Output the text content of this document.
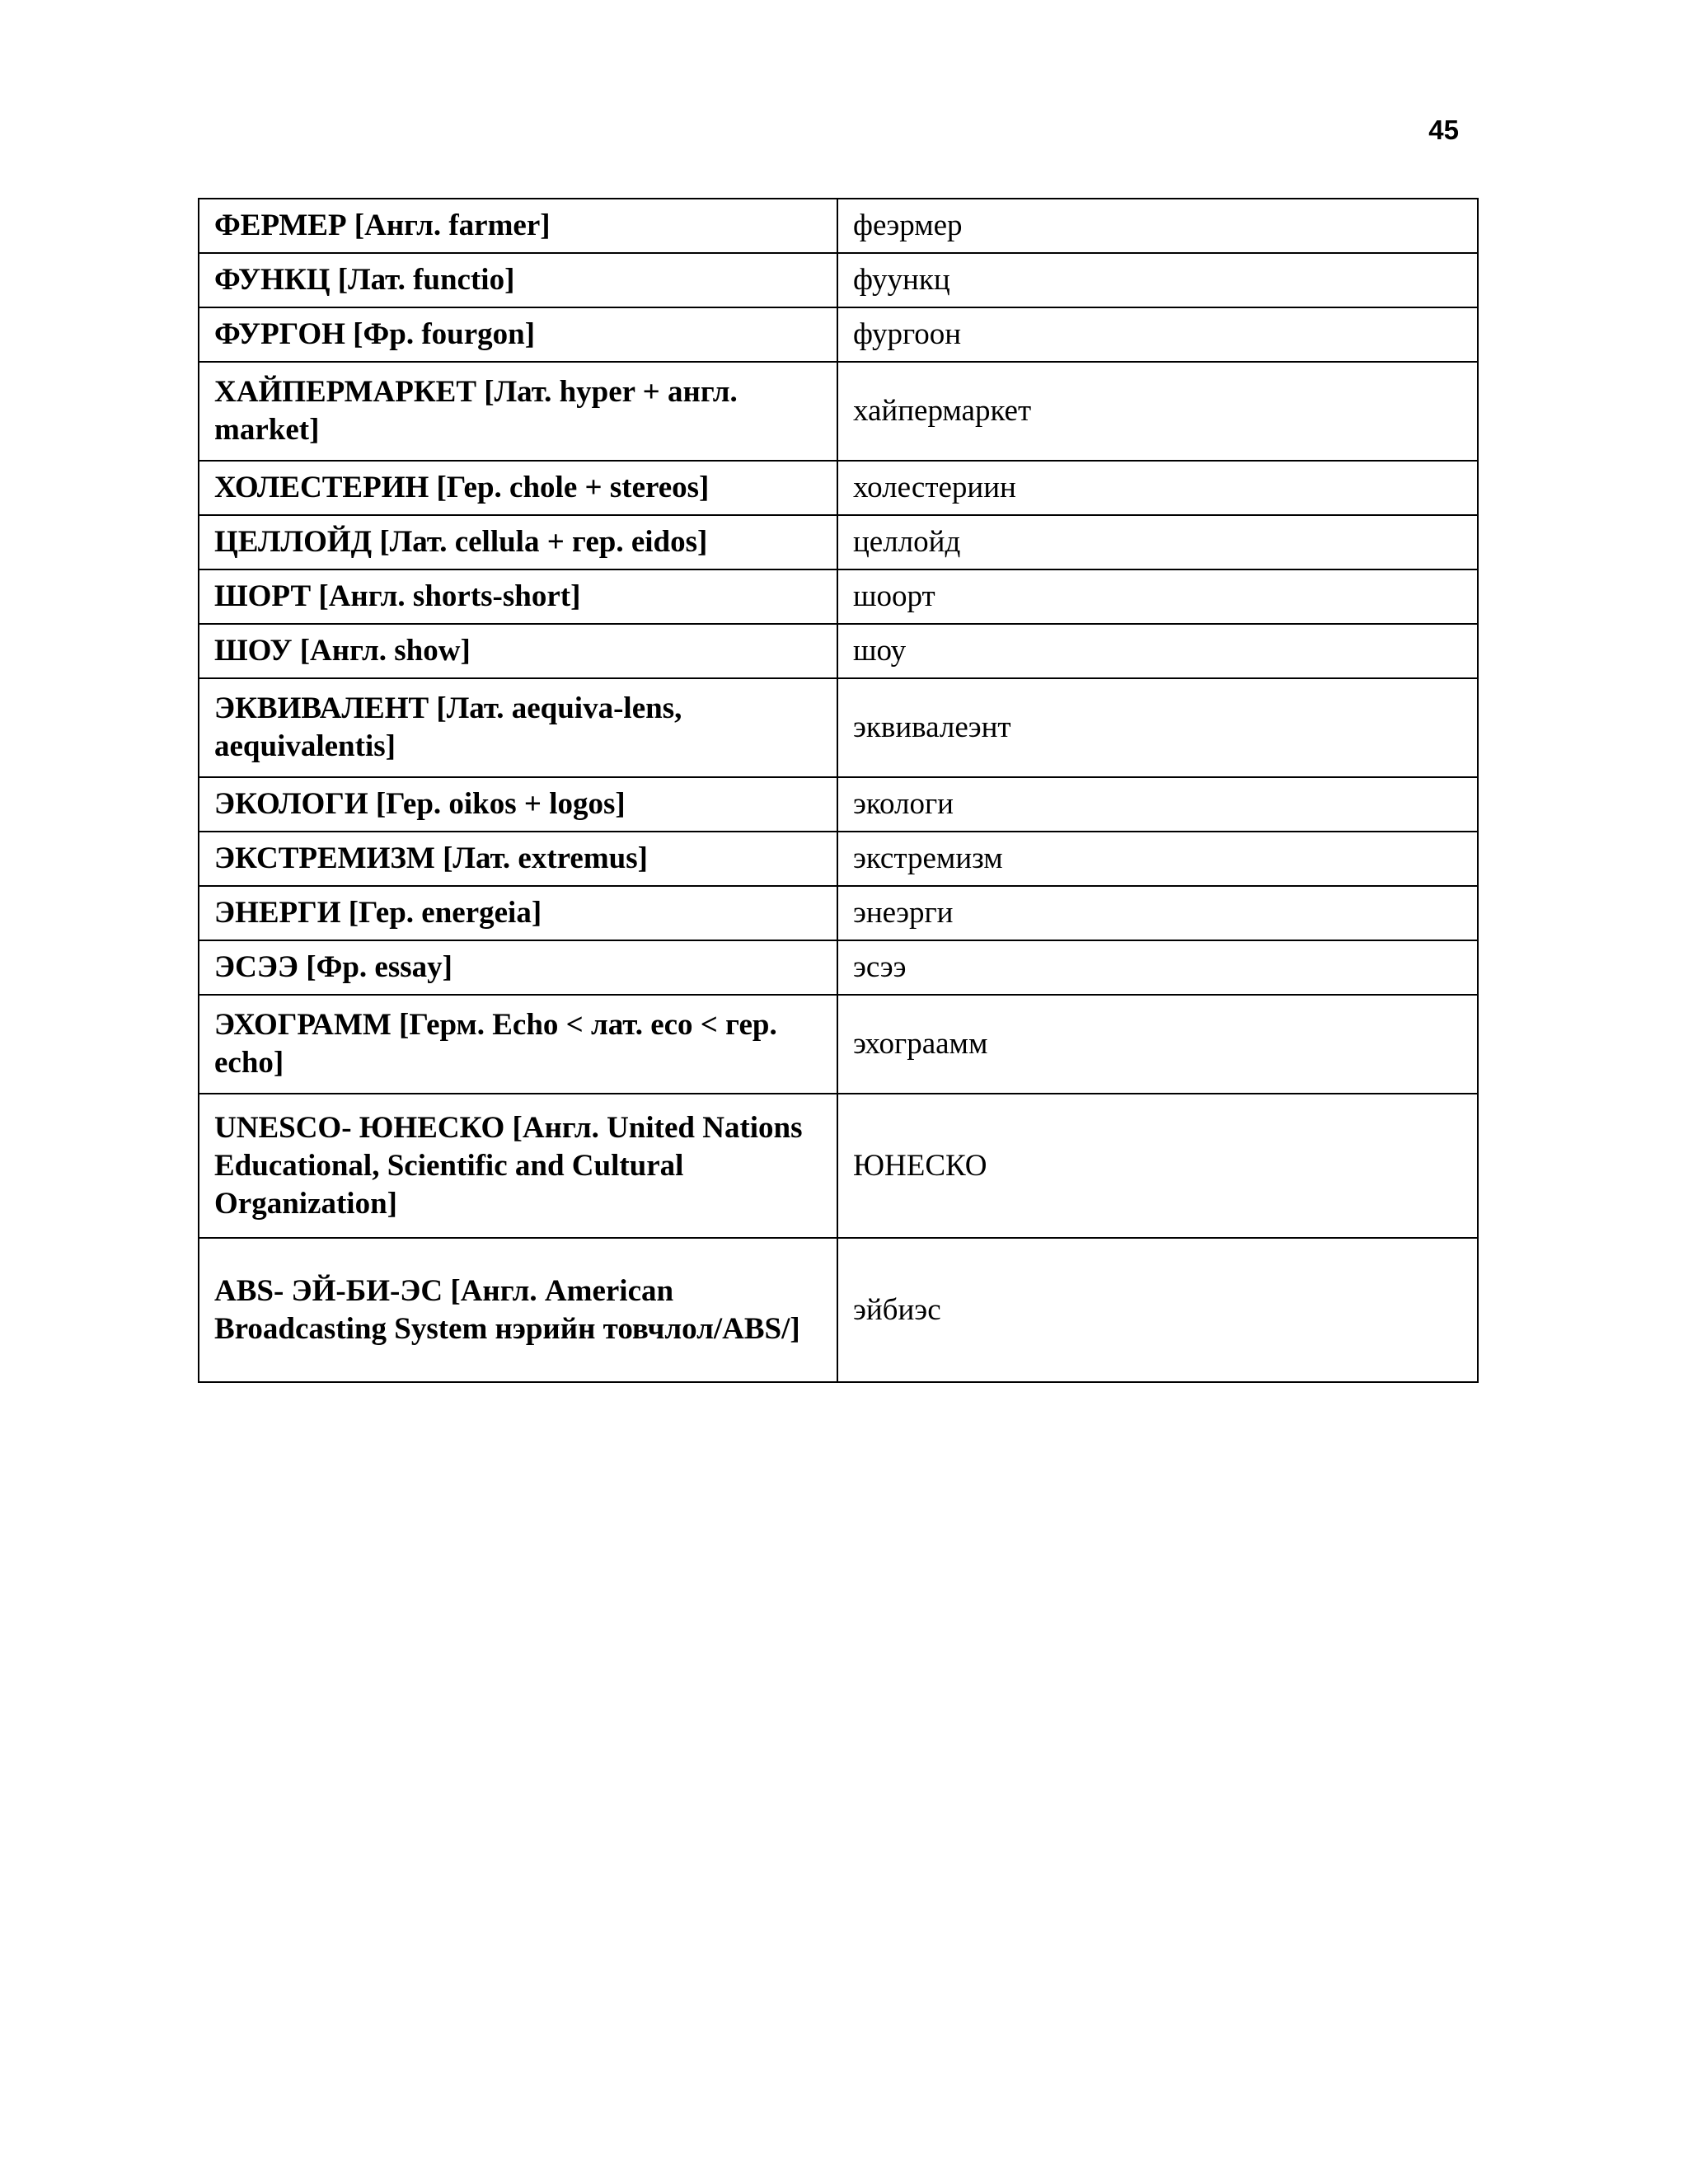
45
ФЕРМЕР [Англ. farmer]	феэрмер
ФУНКЦ [Лат. functio]	фуункц
ФУРГОН [Фр. fourgon]	фургоон
ХАЙПЕРМАРКЕТ [Лат. hyper + англ. market]	хайпермаркет
ХОЛЕСТЕРИН [Гер. chole + stereos]	холестериин
ЦЕЛЛОЙД [Лат. cellula + гер. eidos]	целлойд
ШОРТ [Англ. shorts-short]	шоорт
ШОУ [Англ. show]	шоу
ЭКВИВАЛЕНТ [Лат. aequiva-lens, aequivalentis]	эквивалеэнт
ЭКОЛОГИ [Гер. oikos + logos]	экологи
ЭКСТРЕМИЗМ [Лат. extremus]	экстремизм
ЭНЕРГИ [Гер. energeia]	энеэрги
ЭСЭЭ [Фр. essay]	эсээ
ЭХОГРАММ [Герм. Echo < лат. eco < гер. echo]	эхограамм
UNESCO- ЮНЕСКО [Англ. United Nations Educational, Scientific and Cultural Organization]	ЮНЕСКО
ABS- ЭЙ-БИ-ЭС [Англ. American Broadcasting System нэрийн товчлол/ABS/]	эйбиэс
